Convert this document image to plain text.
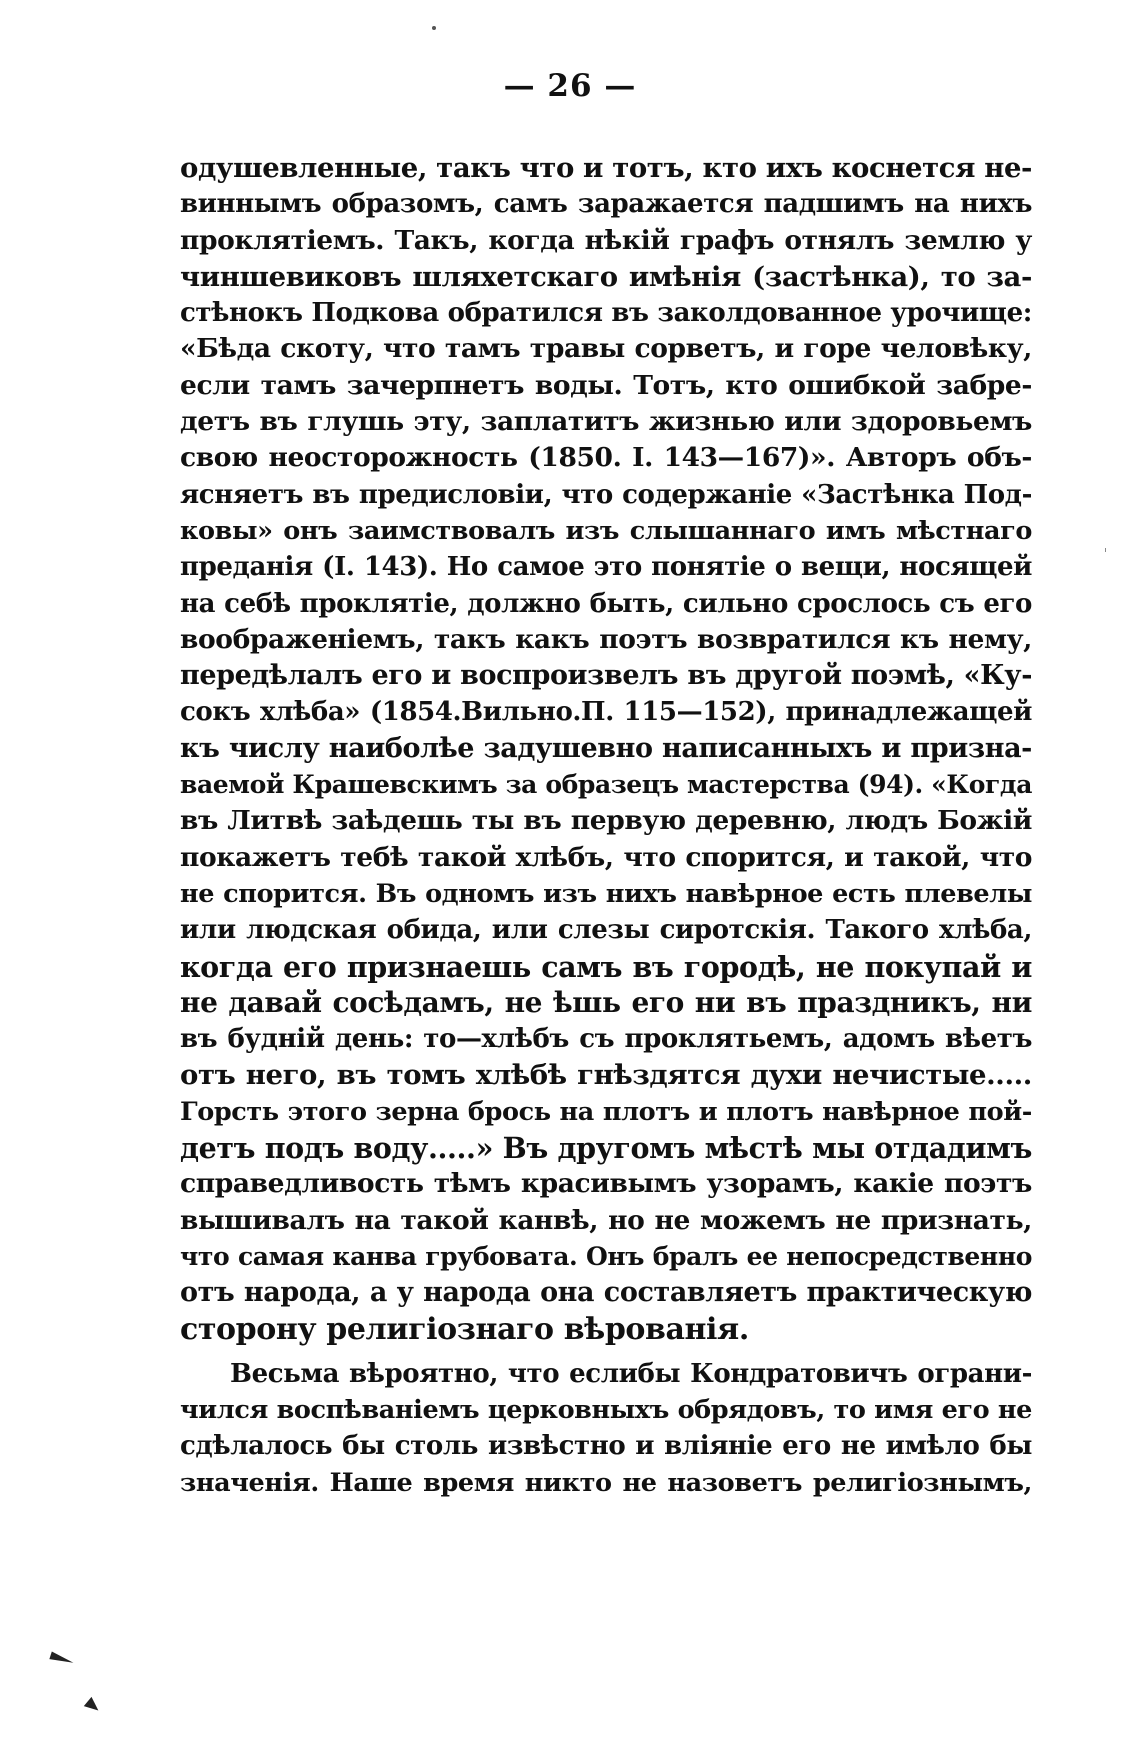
— 26 —
одушевленные, такъ что и тотъ, кто ихъ коснется не-
виннымъ образомъ, самъ заражается падшимъ на нихъ
проклятіемъ. Такъ, когда нѣкій графъ отнялъ землю у
чиншевиковъ шляхетскаго имѣнія (застѣнка), то за-
стѣнокъ Подкова обратился въ заколдованное урочище:
«Бѣда скоту, что тамъ травы сорветъ, и горе человѣку,
если тамъ зачерпнетъ воды. Тотъ, кто ошибкой забре-
детъ въ глушь эту, заплатитъ жизнью или здоровьемъ
свою неосторожность (1850. I. 143—167)». Авторъ объ-
ясняетъ въ предисловіи, что содержаніе «Застѣнка Под-
ковы» онъ заимствовалъ изъ слышаннаго имъ мѣстнаго
преданія (I. 143). Но самое это понятіе о вещи, носящей
на себѣ проклятіе, должно быть, сильно срослось съ его
воображеніемъ, такъ какъ поэтъ возвратился къ нему,
передѣлалъ его и воспроизвелъ въ другой поэмѣ, «Ку-
сокъ хлѣба» (1854.Вильно.П. 115—152), принадлежащей
къ числу наиболѣе задушевно написанныхъ и призна-
ваемой Крашевскимъ за образецъ мастерства (94). «Когда
въ Литвѣ заѣдешь ты въ первую деревню, людъ Божій
покажетъ тебѣ такой хлѣбъ, что спорится, и такой, что
не спорится. Въ одномъ изъ нихъ навѣрное есть плевелы
или людская обида, или слезы сиротскія. Такого хлѣба,
когда его признаешь самъ въ городѣ, не покупай и
не давай сосѣдамъ, не ѣшь его ни въ праздникъ, ни
въ будній день: то—хлѣбъ съ проклятьемъ, адомъ вѣетъ
отъ него, въ томъ хлѣбѣ гнѣздятся духи нечистые.....
Горсть этого зерна брось на плотъ и плотъ навѣрное пой-
детъ подъ воду.....» Въ другомъ мѣстѣ мы отдадимъ
справедливость тѣмъ красивымъ узорамъ, какіе поэтъ
вышивалъ на такой канвѣ, но не можемъ не признать,
что самая канва грубовата. Онъ бралъ ее непосредственно
отъ народа, а у народа она составляетъ практическую
сторону религіознаго вѣрованія.
Весьма вѣроятно, что еслибы Кондратовичъ ограни-
чился воспѣваніемъ церковныхъ обрядовъ, то имя его не
сдѣлалось бы столь извѣстно и вліяніе его не имѣло бы
значенія. Наше время никто не назоветъ религіознымъ,
